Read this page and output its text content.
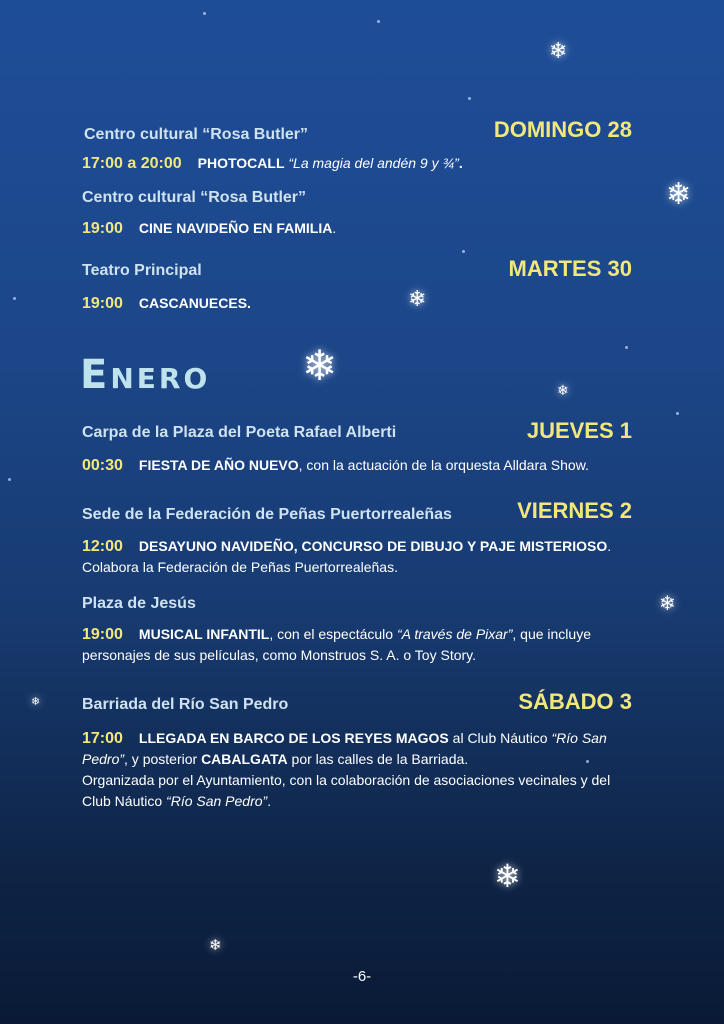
❄
❄
❄
❄
❄
❄
❄
❄
❄
Centro cultural “Rosa Butler”	DOMINGO 28
17:00 a 20:00 PHOTOCALL “La magia del andén 9 y ¾”.
Centro cultural “Rosa Butler”
19:00 CINE NAVIDEÑO EN FAMILIA.
Teatro Principal	MARTES 30
19:00 CASCANUECES.
Enero
Carpa de la Plaza del Poeta Rafael Alberti	JUEVES 1
00:30 FIESTA DE AÑO NUEVO, con la actuación de la orquesta Alldara Show.
Sede de la Federación de Peñas Puertorrealeñas	VIERNES 2
12:00 DESAYUNO NAVIDEÑO, CONCURSO DE DIBUJO Y PAJE MISTERIOSO. Colabora la Federación de Peñas Puertorrealeñas.
Plaza de Jesús
19:00 MUSICAL INFANTIL, con el espectáculo “A través de Pixar”, que incluye personajes de sus películas, como Monstruos S. A. o Toy Story.
Barriada del Río San Pedro	SÁBADO 3
17:00 LLEGADA EN BARCO DE LOS REYES MAGOS al Club Náutico “Río San Pedro”, y posterior CABALGATA por las calles de la Barriada.
Organizada por el Ayuntamiento, con la colaboración de asociaciones vecinales y del Club Náutico “Río San Pedro”.
-6-
